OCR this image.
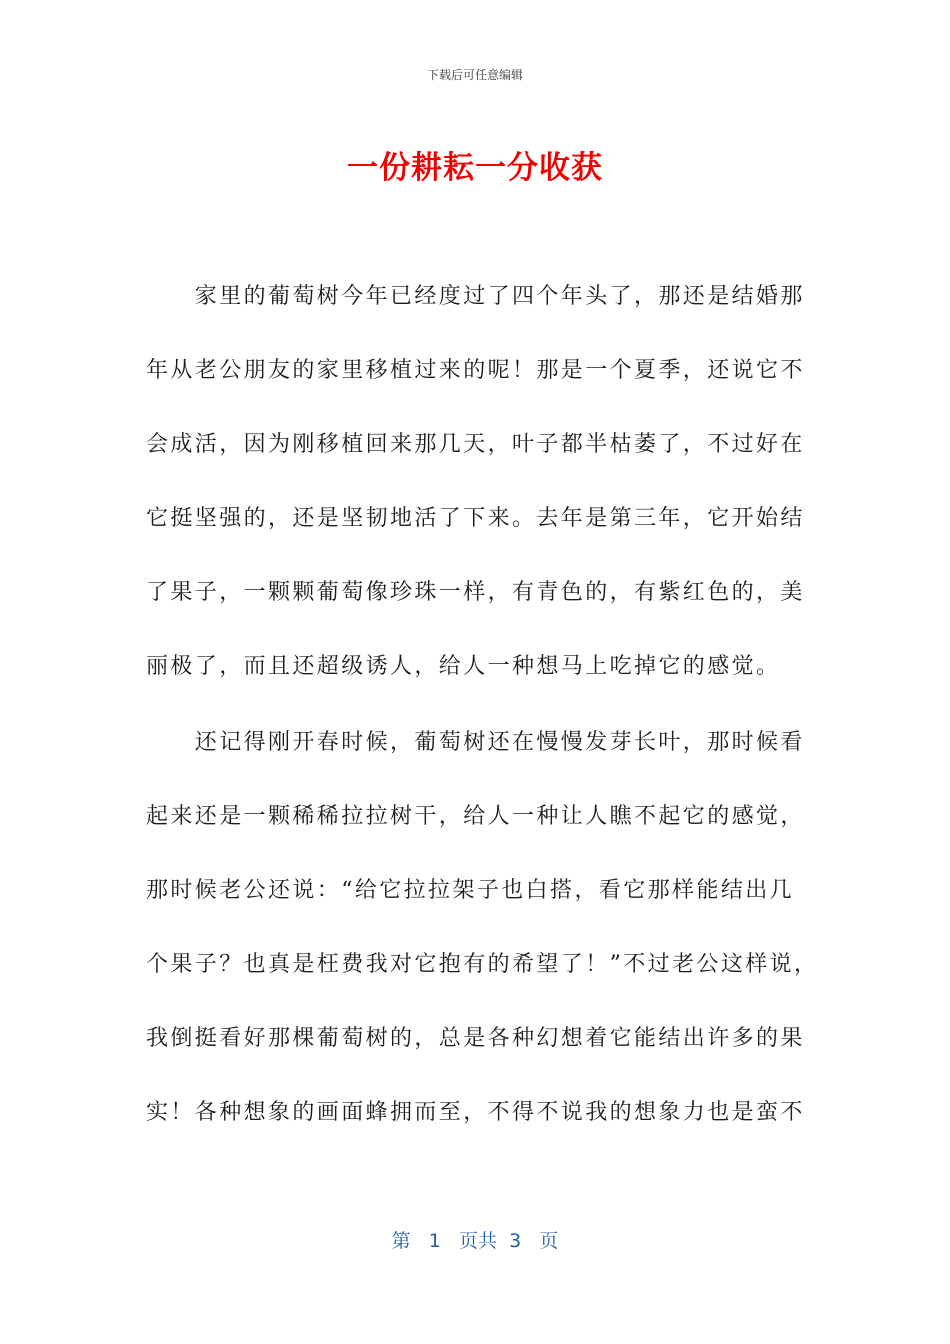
下载后可任意编辑
一份耕耘一分收获
　　家里的葡萄树今年已经度过了四个年头了，那还是结婚那
年从老公朋友的家里移植过来的呢！那是一个夏季，还说它不
会成活，因为刚移植回来那几天，叶子都半枯萎了，不过好在
它挺坚强的，还是坚韧地活了下来。去年是第三年，它开始结
了果子，一颗颗葡萄像珍珠一样，有青色的，有紫红色的，美
丽极了，而且还超级诱人，给人一种想马上吃掉它的感觉。
　　还记得刚开春时候，葡萄树还在慢慢发芽长叶，那时候看
起来还是一颗稀稀拉拉树干，给人一种让人瞧不起它的感觉，
那时候老公还说：“给它拉拉架子也白搭，看它那样能结出几
个果子？也真是枉费我对它抱有的希望了！”不过老公这样说，
我倒挺看好那棵葡萄树的，总是各种幻想着它能结出许多的果
实！各种想象的画面蜂拥而至，不得不说我的想象力也是蛮不
第 1 页共 3 页
